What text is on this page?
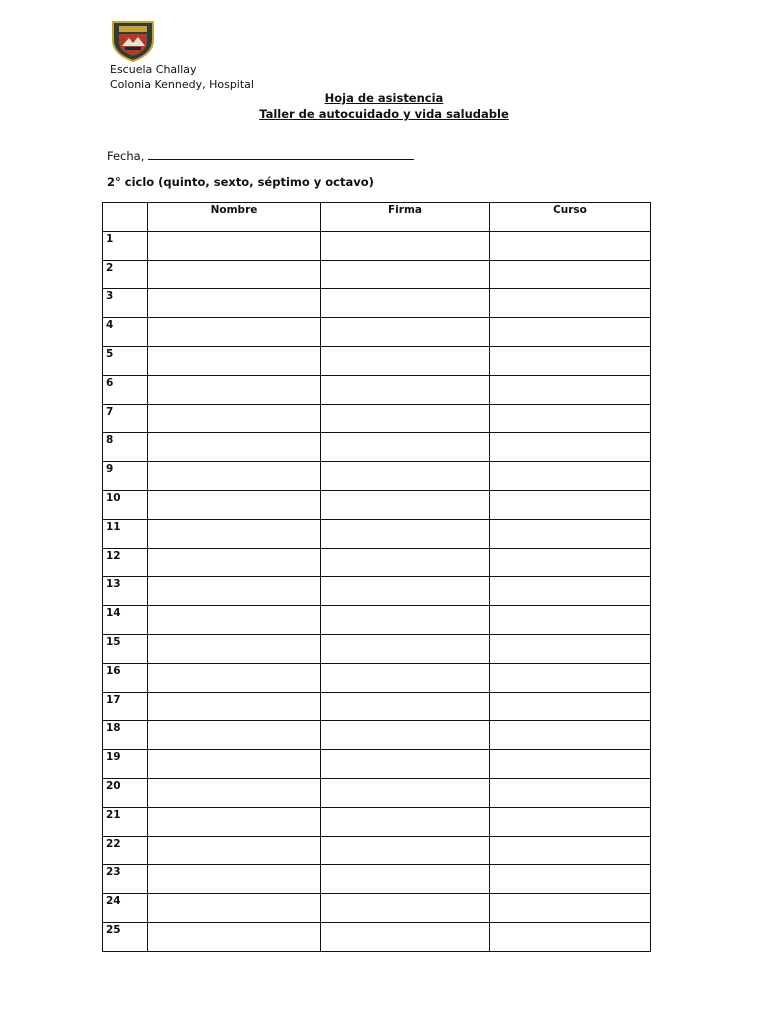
Escuela Challay
Colonia Kennedy, Hospital
Hoja de asistencia
Taller de autocuidado y vida saludable
Fecha,
2° ciclo (quinto, sexto, séptimo y octavo)
	Nombre	Firma	Curso
1			
2			
3			
4			
5			
6			
7			
8			
9			
10			
11			
12			
13			
14			
15			
16			
17			
18			
19			
20			
21			
22			
23			
24			
25			
